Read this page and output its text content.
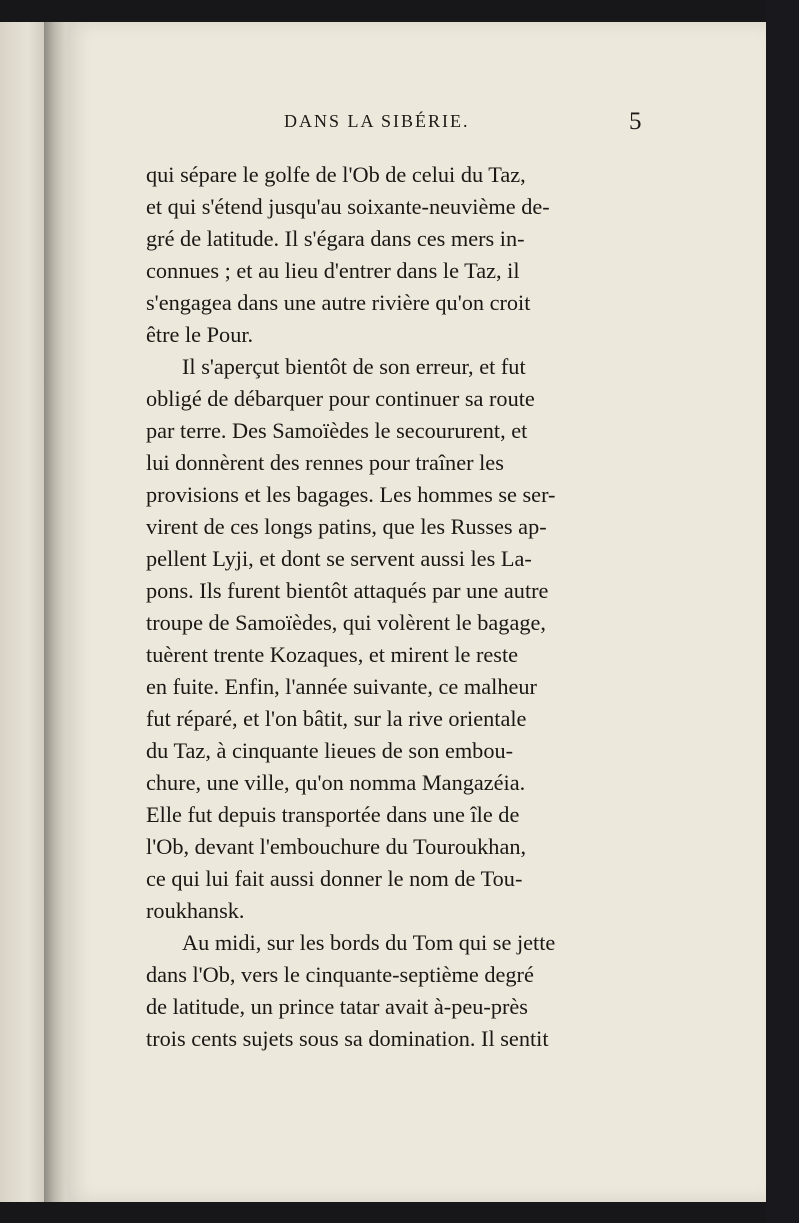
DANS LA SIBÉRIE.	5
qui sépare le golfe de l'Ob de celui du Taz,
et qui s'étend jusqu'au soixante-neuvième de-
gré de latitude. Il s'égara dans ces mers in-
connues ; et au lieu d'entrer dans le Taz, il
s'engagea dans une autre rivière qu'on croit
être le Pour.
Il s'aperçut bientôt de son erreur, et fut
obligé de débarquer pour continuer sa route
par terre. Des Samoïèdes le secoururent, et
lui donnèrent des rennes pour traîner les
provisions et les bagages. Les hommes se ser-
virent de ces longs patins, que les Russes ap-
pellent Lyji, et dont se servent aussi les La-
pons. Ils furent bientôt attaqués par une autre
troupe de Samoïèdes, qui volèrent le bagage,
tuèrent trente Kozaques, et mirent le reste
en fuite. Enfin, l'année suivante, ce malheur
fut réparé, et l'on bâtit, sur la rive orientale
du Taz, à cinquante lieues de son embou-
chure, une ville, qu'on nomma Mangazéia.
Elle fut depuis transportée dans une île de
l'Ob, devant l'embouchure du Touroukhan,
ce qui lui fait aussi donner le nom de Tou-
roukhansk.
Au midi, sur les bords du Tom qui se jette
dans l'Ob, vers le cinquante-septième degré
de latitude, un prince tatar avait à-peu-près
trois cents sujets sous sa domination. Il sentit
